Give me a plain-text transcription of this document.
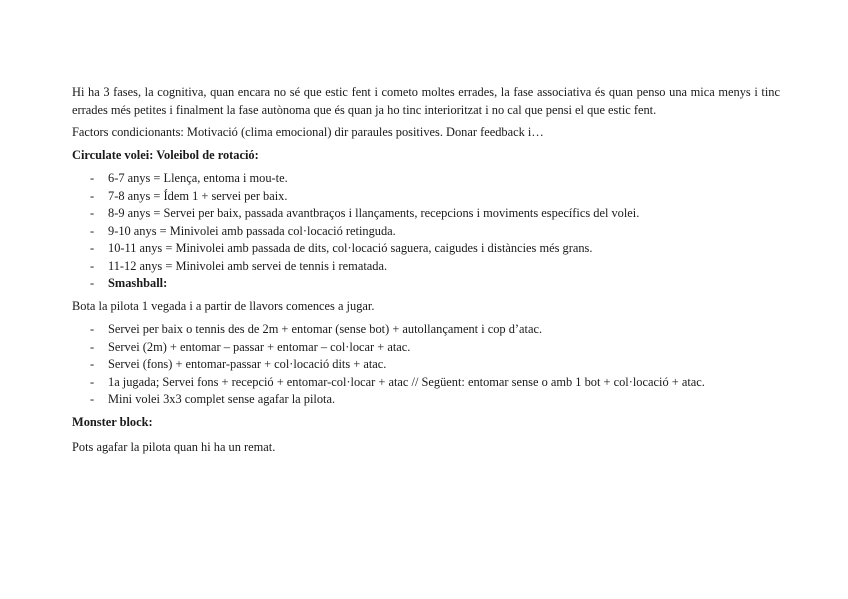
Hi ha 3 fases, la cognitiva, quan encara no sé que estic fent i cometo moltes errades, la fase associativa és quan penso una mica menys i tinc errades més petites i finalment la fase autònoma que és quan ja ho tinc interioritzat i no cal que pensi el que estic fent.

Factors condicionants: Motivació (clima emocional) dir paraules positives. Donar feedback i…

Circulate volei: Voleibol de rotació:

- 6-7 anys = Llença, entoma i mou-te.
- 7-8 anys = Ídem 1 + servei per baix.
- 8-9 anys = Servei per baix, passada avantbraços i llançaments, recepcions i moviments específics del volei.
- 9-10 anys = Minivolei amb passada col·locació retinguda.
- 10-11 anys = Minivolei amb passada de dits, col·locació saguera, caigudes i distàncies més grans.
- 11-12 anys = Minivolei amb servei de tennis i rematada.
- Smashball:

Bota la pilota 1 vegada i a partir de llavors comences a jugar.

- Servei per baix o tennis des de 2m + entomar (sense bot) + autollançament i cop d’atac.
- Servei (2m) + entomar – passar + entomar – col·locar + atac.
- Servei (fons) + entomar-passar + col·locació dits + atac.
- 1a jugada; Servei fons + recepció + entomar-col·locar + atac // Següent: entomar sense o amb 1 bot + col·locació + atac.
- Mini volei 3x3 complet sense agafar la pilota.

Monster block:

Pots agafar la pilota quan hi ha un remat.
